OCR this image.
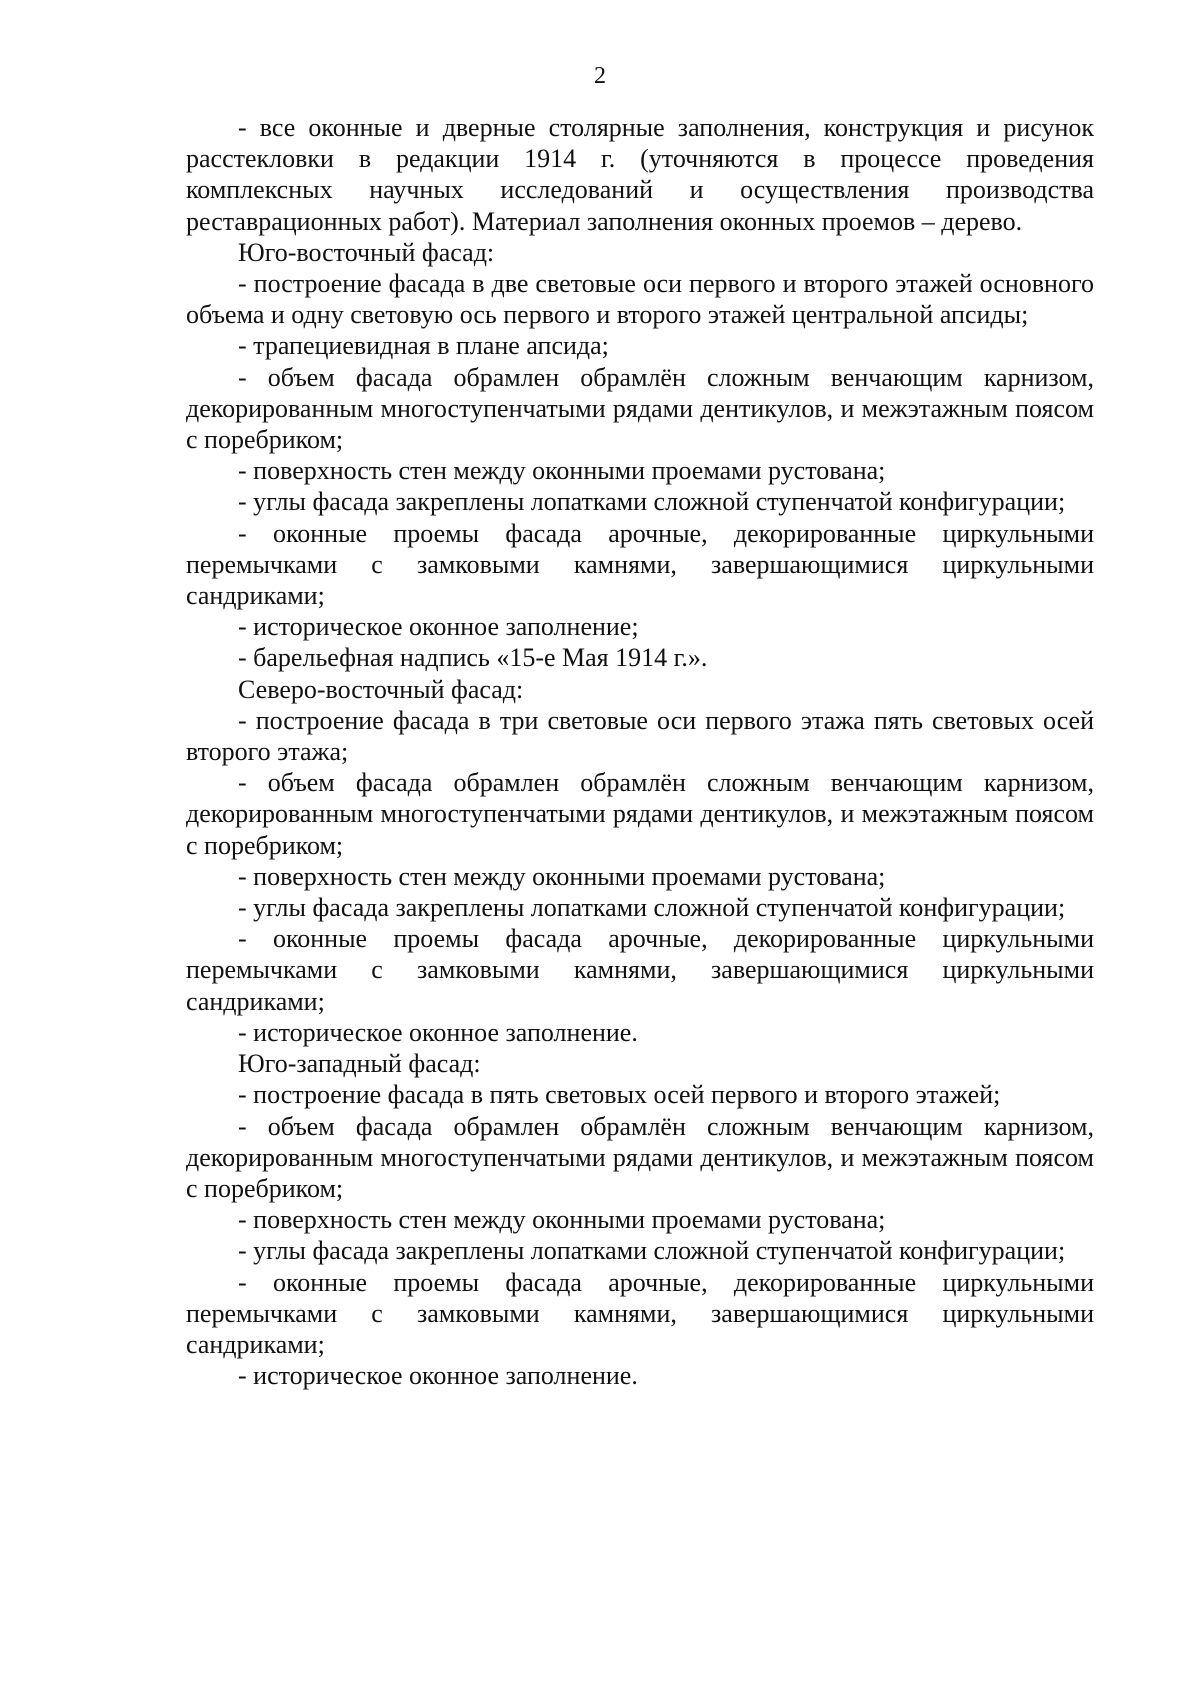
2

- все оконные и дверные столярные заполнения, конструкция и рисунок расстекловки в редакции 1914 г. (уточняются в процессе проведения комплексных научных исследований и осуществления производства реставрационных работ). Материал заполнения оконных проемов – дерево.

Юго-восточный фасад:

- построение фасада в две световые оси первого и второго этажей основного объема и одну световую ось первого и второго этажей центральной апсиды;

- трапециевидная в плане апсида;

- объем фасада обрамлен обрамлён сложным венчающим карнизом, декорированным многоступенчатыми рядами дентикулов, и межэтажным поясом с поребриком;

- поверхность стен между оконными проемами рустована;

- углы фасада закреплены лопатками сложной ступенчатой конфигурации;

- оконные проемы фасада арочные, декорированные циркульными перемычками с замковыми камнями, завершающимися циркульными сандриками;

- историческое оконное заполнение;

- барельефная надпись «15-е Мая 1914 г.».

Северо-восточный фасад:

- построение фасада в три световые оси первого этажа пять световых осей второго этажа;

- объем фасада обрамлен обрамлён сложным венчающим карнизом, декорированным многоступенчатыми рядами дентикулов, и межэтажным поясом с поребриком;

- поверхность стен между оконными проемами рустована;

- углы фасада закреплены лопатками сложной ступенчатой конфигурации;

- оконные проемы фасада арочные, декорированные циркульными перемычками с замковыми камнями, завершающимися циркульными сандриками;

- историческое оконное заполнение.

Юго-западный фасад:

- построение фасада в пять световых осей первого и второго этажей;

- объем фасада обрамлен обрамлён сложным венчающим карнизом, декорированным многоступенчатыми рядами дентикулов, и межэтажным поясом с поребриком;

- поверхность стен между оконными проемами рустована;

- углы фасада закреплены лопатками сложной ступенчатой конфигурации;

- оконные проемы фасада арочные, декорированные циркульными перемычками с замковыми камнями, завершающимися циркульными сандриками;

- историческое оконное заполнение.
